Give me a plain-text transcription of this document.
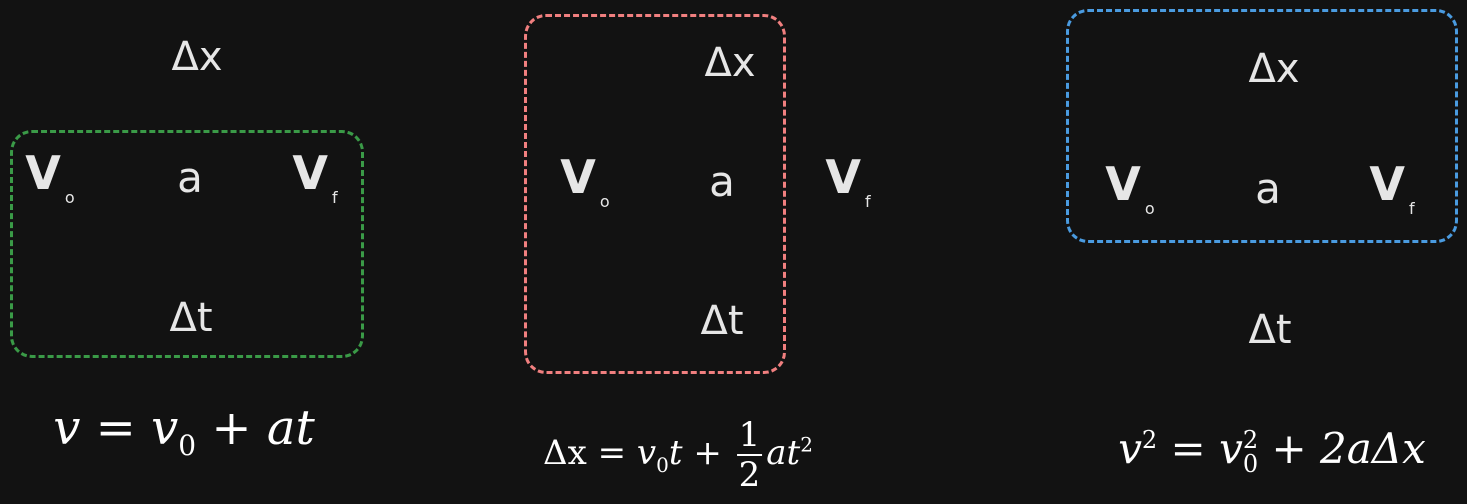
Δx
V $_o$ a V $_f$
Δt
$v = v_0$ + at
Δx
V $_o$ a V $_f$
Δt
$\Delta x = v_0t + \frac{1}{2} at^2$
Δx
V $_o$ a V $_f$
Δt
$v^2 = v$ 2
0 + 2aΔx
